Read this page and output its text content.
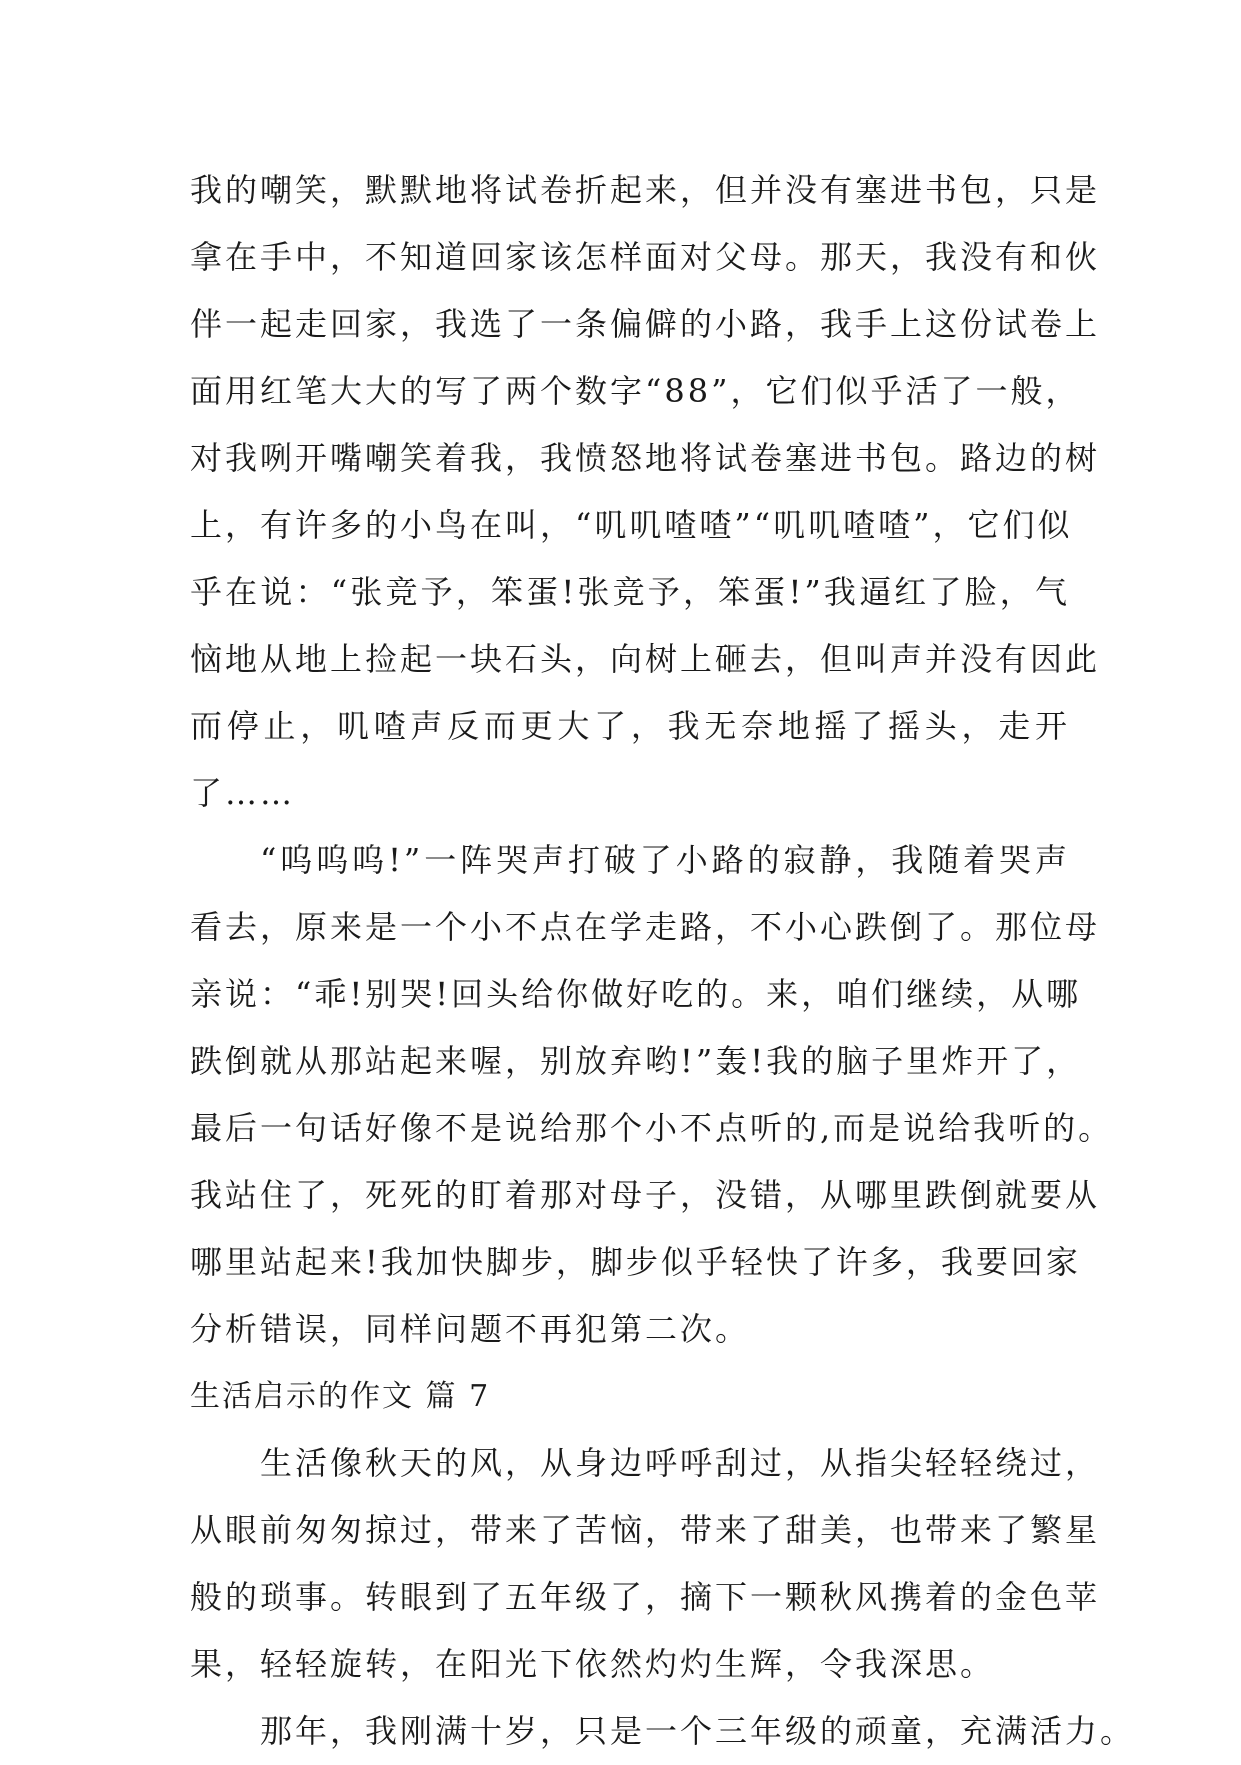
我的嘲笑，默默地将试卷折起来，但并没有塞进书包，只是
拿在手中，不知道回家该怎样面对父母。那天，我没有和伙
伴一起走回家，我选了一条偏僻的小路，我手上这份试卷上
面用红笔大大的写了两个数字“88”，它们似乎活了一般，
对我咧开嘴嘲笑着我，我愤怒地将试卷塞进书包。路边的树
上，有许多的小鸟在叫，“叽叽喳喳”“叽叽喳喳”，它们似
乎在说：“张竞予，笨蛋!张竞予，笨蛋!”我逼红了脸，气
恼地从地上捡起一块石头，向树上砸去，但叫声并没有因此
而停止，叽喳声反而更大了，我无奈地摇了摇头，走开
了……
“呜呜呜!”一阵哭声打破了小路的寂静，我随着哭声
看去，原来是一个小不点在学走路，不小心跌倒了。那位母
亲说：“乖!别哭!回头给你做好吃的。来，咱们继续，从哪
跌倒就从那站起来喔，别放弃哟!”轰!我的脑子里炸开了，
最后一句话好像不是说给那个小不点听的,而是说给我听的。
我站住了，死死的盯着那对母子，没错，从哪里跌倒就要从
哪里站起来!我加快脚步，脚步似乎轻快了许多，我要回家
分析错误，同样问题不再犯第二次。
生活启示的作文 篇 7
生活像秋天的风，从身边呼呼刮过，从指尖轻轻绕过，
从眼前匆匆掠过，带来了苦恼，带来了甜美，也带来了繁星
般的琐事。转眼到了五年级了，摘下一颗秋风携着的金色苹
果，轻轻旋转，在阳光下依然灼灼生辉，令我深思。
那年，我刚满十岁，只是一个三年级的顽童，充满活力。
